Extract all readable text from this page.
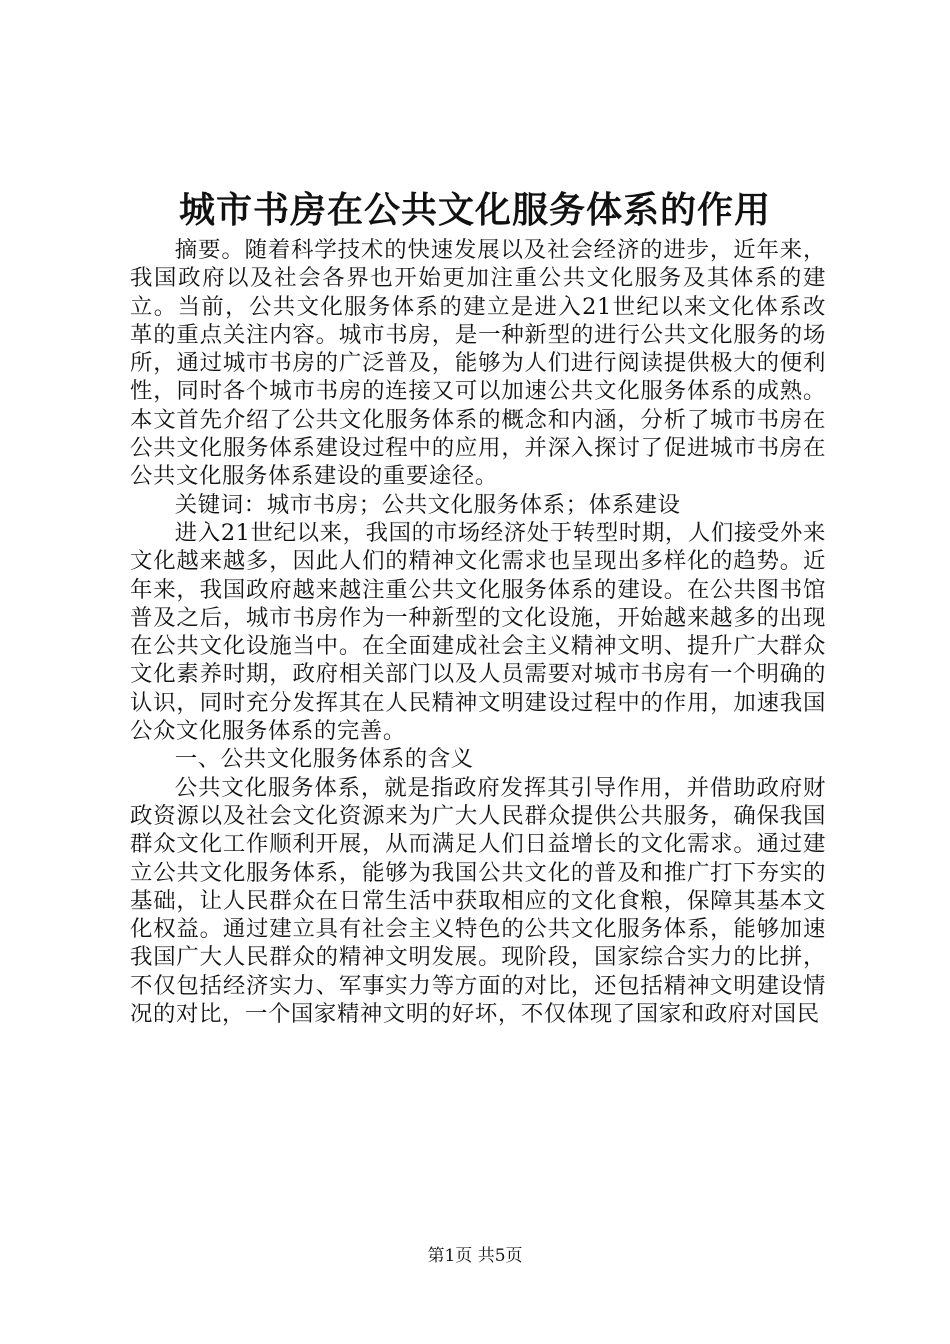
城市书房在公共文化服务体系的作用

摘要。随着科学技术的快速发展以及社会经济的进步，近年来，我国政府以及社会各界也开始更加注重公共文化服务及其体系的建立。当前，公共文化服务体系的建立是进入21世纪以来文化体系改革的重点关注内容。城市书房，是一种新型的进行公共文化服务的场所，通过城市书房的广泛普及，能够为人们进行阅读提供极大的便利性，同时各个城市书房的连接又可以加速公共文化服务体系的成熟。本文首先介绍了公共文化服务体系的概念和内涵，分析了城市书房在公共文化服务体系建设过程中的应用，并深入探讨了促进城市书房在公共文化服务体系建设的重要途径。

关键词：城市书房；公共文化服务体系；体系建设

进入21世纪以来，我国的市场经济处于转型时期，人们接受外来文化越来越多，因此人们的精神文化需求也呈现出多样化的趋势。近年来，我国政府越来越注重公共文化服务体系的建设。在公共图书馆普及之后，城市书房作为一种新型的文化设施，开始越来越多的出现在公共文化设施当中。在全面建成社会主义精神文明、提升广大群众文化素养时期，政府相关部门以及人员需要对城市书房有一个明确的认识，同时充分发挥其在人民精神文明建设过程中的作用，加速我国公众文化服务体系的完善。

一、公共文化服务体系的含义

公共文化服务体系，就是指政府发挥其引导作用，并借助政府财政资源以及社会文化资源来为广大人民群众提供公共服务，确保我国群众文化工作顺利开展，从而满足人们日益增长的文化需求。通过建立公共文化服务体系，能够为我国公共文化的普及和推广打下夯实的基础，让人民群众在日常生活中获取相应的文化食粮，保障其基本文化权益。通过建立具有社会主义特色的公共文化服务体系，能够加速我国广大人民群众的精神文明发展。现阶段，国家综合实力的比拼，不仅包括经济实力、军事实力等方面的对比，还包括精神文明建设情况的对比，一个国家精神文明的好坏，不仅体现了国家和政府对国民

第1页 共5页
